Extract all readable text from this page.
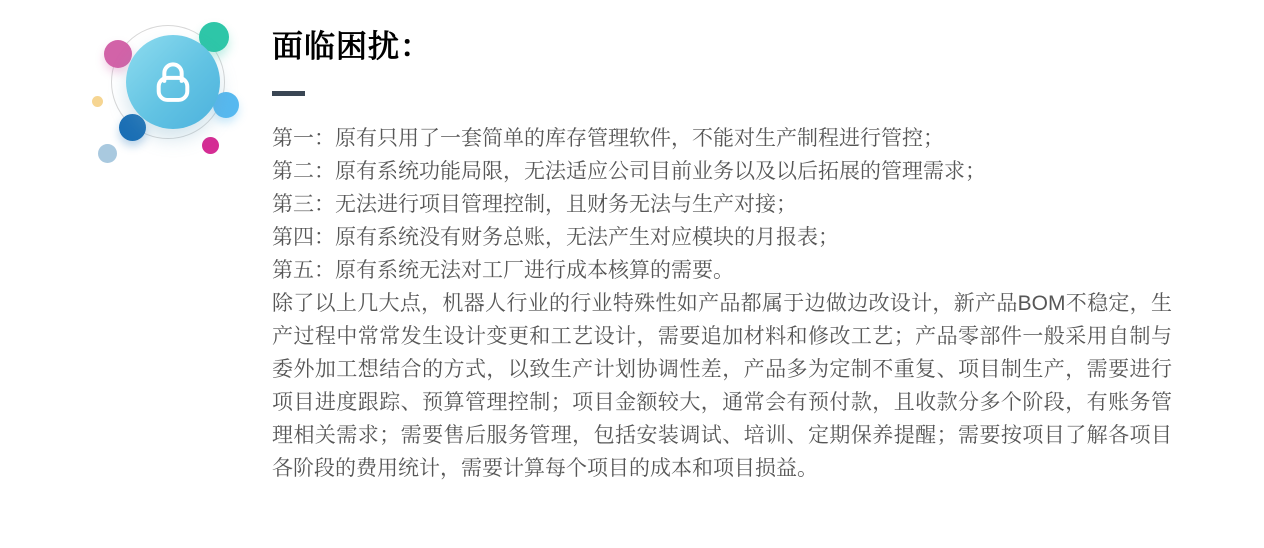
面临困扰：
第一：原有只用了一套简单的库存管理软件，不能对生产制程进行管控；
第二：原有系统功能局限，无法适应公司目前业务以及以后拓展的管理需求；
第三：无法进行项目管理控制，且财务无法与生产对接；
第四：原有系统没有财务总账，无法产生对应模块的月报表；
第五：原有系统无法对工厂进行成本核算的需要。
除了以上几大点，机器人行业的行业特殊性如产品都属于边做边改设计，新产品BOM不稳定，生产过程中常常发生设计变更和工艺设计，需要追加材料和修改工艺；产品零部件一般采用自制与委外加工想结合的方式，以致生产计划协调性差，产品多为定制不重复、项目制生产，需要进行项目进度跟踪、预算管理控制；项目金额较大，通常会有预付款，且收款分多个阶段，有账务管理相关需求；需要售后服务管理，包括安装调试、培训、定期保养提醒；需要按项目了解各项目各阶段的费用统计，需要计算每个项目的成本和项目损益。
